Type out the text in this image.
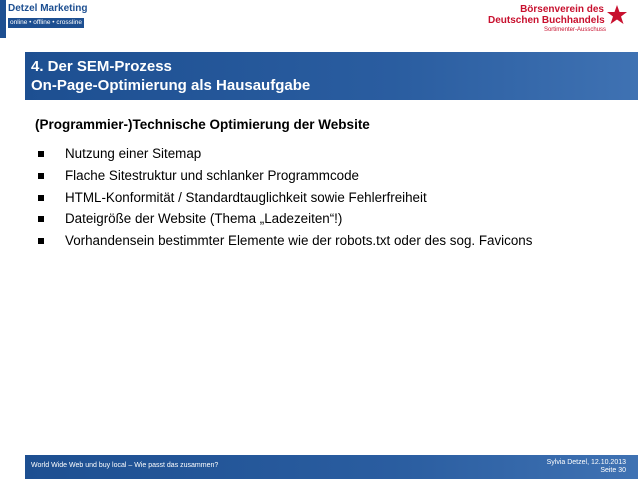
Detzel Marketing
online • offline • crossline
Börsenverein des
Deutschen Buchhandels
Sortimenter-Ausschuss
4. Der SEM-Prozess
On-Page-Optimierung als Hausaufgabe
(Programmier-)Technische Optimierung der Website
Nutzung einer Sitemap
Flache Sitestruktur und schlanker Programmcode
HTML-Konformität / Standardtauglichkeit sowie Fehlerfreiheit
Dateigröße der Website (Thema „Ladezeiten“!)
Vorhandensein bestimmter Elemente wie der robots.txt oder des sog. Favicons
World Wide Web und buy local – Wie passt das zusammen?	Sylvia Detzel, 12.10.2013
Seite 30
